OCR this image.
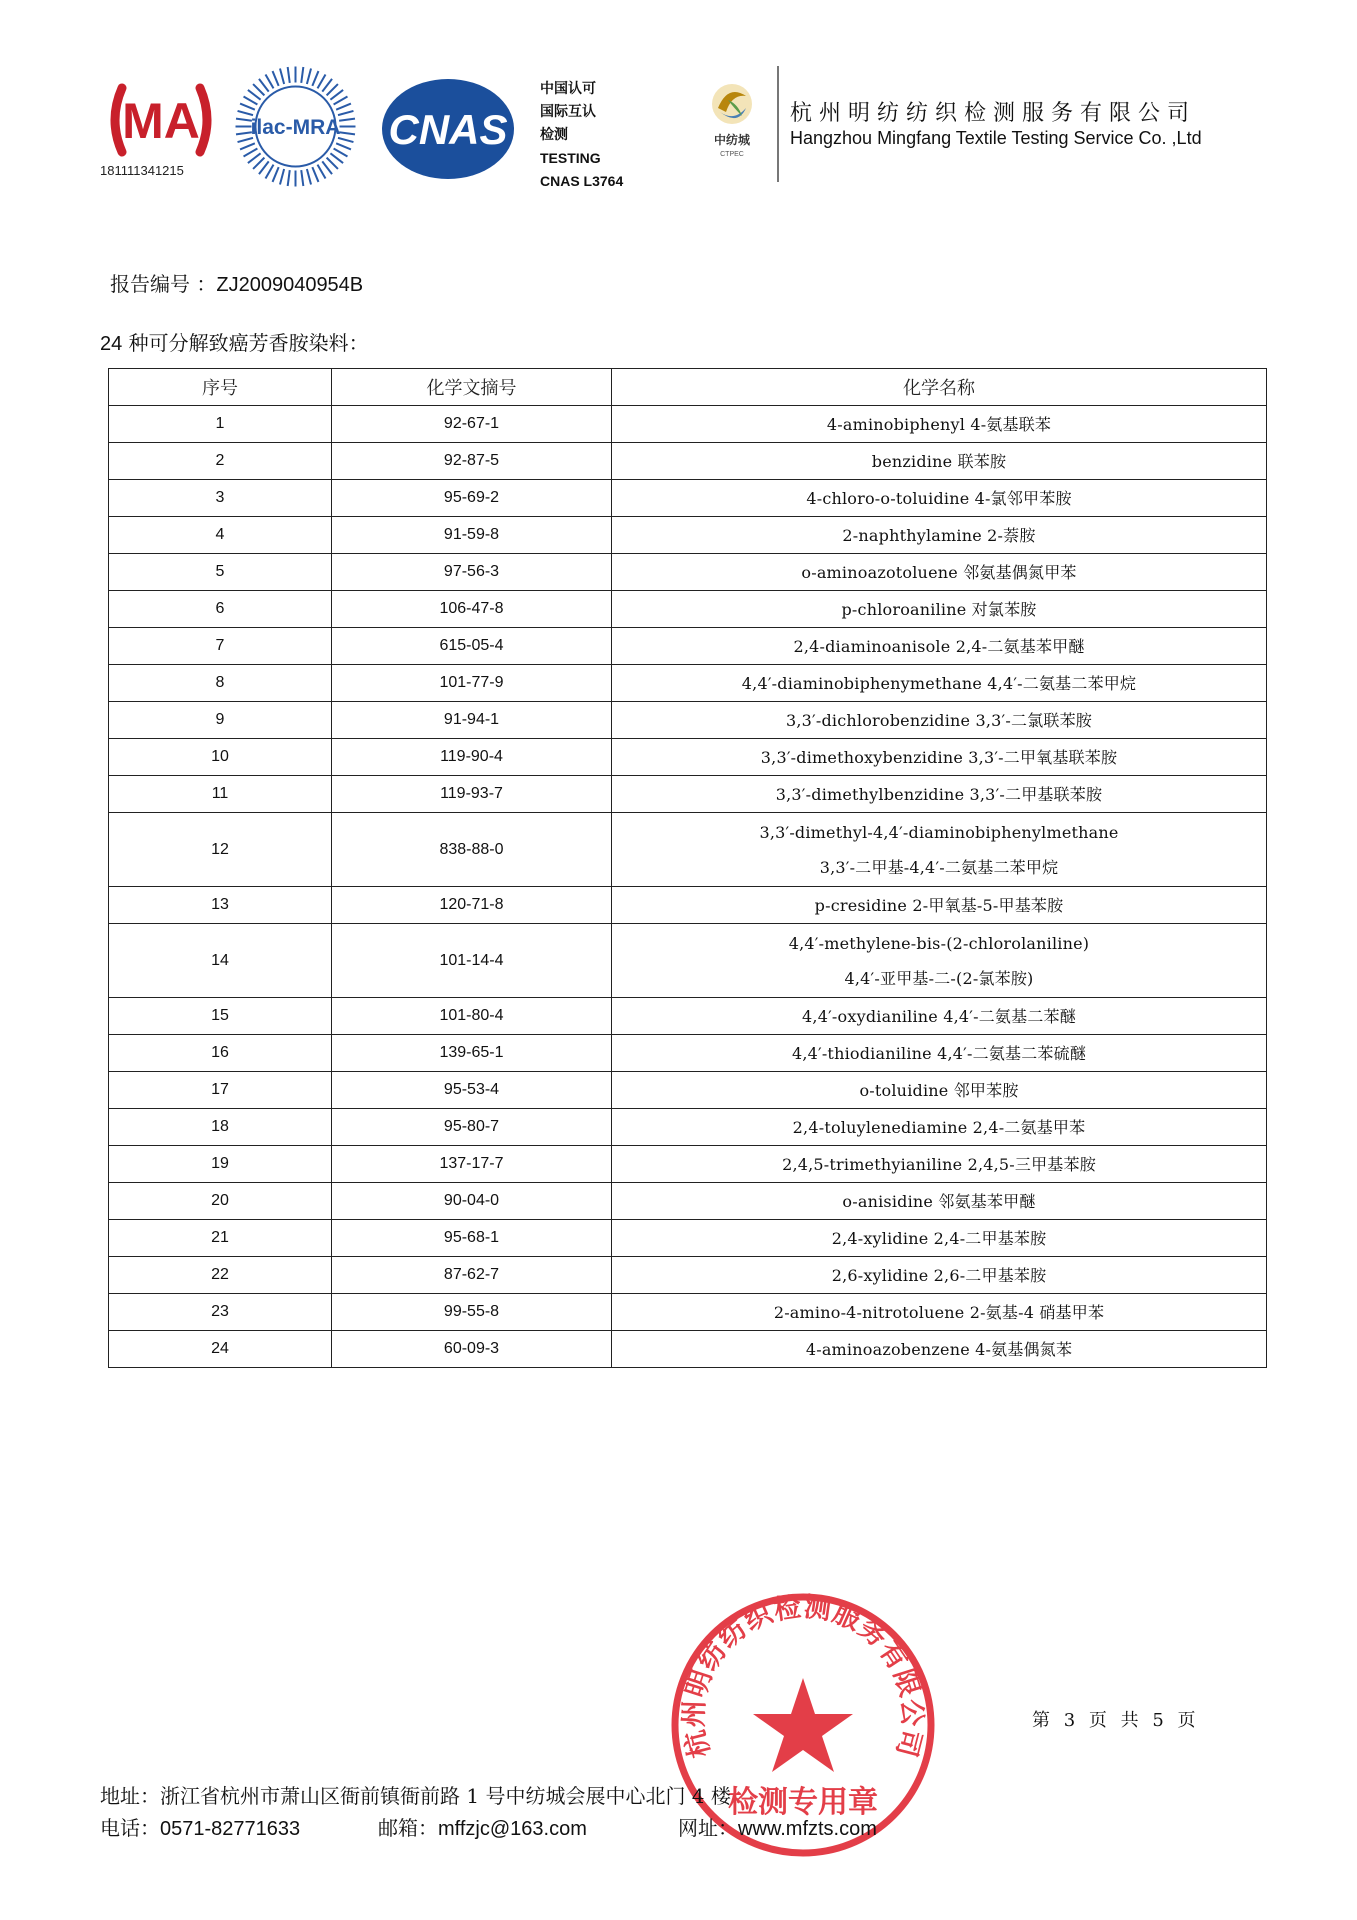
MA
181111341215
ilac-MRA CNAS
中国认可
国际互认
检测
TESTING
CNAS L3764
中纺城
CTPEC
杭州明纺纺织检测服务有限公司
Hangzhou Mingfang Textile Testing Service Co. ,Ltd
报告编号 ：ZJ2009040954B
24 种可分解致癌芳香胺染料：
序号	化学文摘号	化学名称
1	92-67-1	4-aminobiphenyl 4-氨基联苯

2	92-87-5	benzidine 联苯胺

3	95-69-2	4-chloro-o-toluidine 4-氯邻甲苯胺

4	91-59-8	2-naphthylamine 2-萘胺

5	97-56-3	o-aminoazotoluene 邻氨基偶氮甲苯

6	106-47-8	p-chloroaniline 对氯苯胺

7	615-05-4	2,4-diaminoanisole 2,4-二氨基苯甲醚

8	101-77-9	4,4′-diaminobiphenymethane 4,4′-二氨基二苯甲烷

9	91-94-1	3,3′-dichlorobenzidine 3,3′-二氯联苯胺

10	119-90-4	3,3′-dimethoxybenzidine 3,3′-二甲氧基联苯胺

11	119-93-7	3,3′-dimethylbenzidine 3,3′-二甲基联苯胺

12	838-88-0	3,3′-dimethyl-4,4′-diaminobiphenylmethane
3,3′-二甲基-4,4′-二氨基二苯甲烷

13	120-71-8	p-cresidine 2-甲氧基-5-甲基苯胺

14	101-14-4	4,4′-methylene-bis-(2-chlorolaniline)
4,4′-亚甲基-二-(2-氯苯胺)

15	101-80-4	4,4′-oxydianiline 4,4′-二氨基二苯醚

16	139-65-1	4,4′-thiodianiline 4,4′-二氨基二苯硫醚

17	95-53-4	o-toluidine 邻甲苯胺

18	95-80-7	2,4-toluylenediamine 2,4-二氨基甲苯

19	137-17-7	2,4,5-trimethyianiline 2,4,5-三甲基苯胺

20	90-04-0	o-anisidine 邻氨基苯甲醚

21	95-68-1	2,4-xylidine 2,4-二甲基苯胺

22	87-62-7	2,6-xylidine 2,6-二甲基苯胺

23	99-55-8	2-amino-4-nitrotoluene 2-氨基-4 硝基甲苯

24	60-09-3	4-aminoazobenzene 4-氨基偶氮苯
杭州明纺纺织检测服务有限公司
检测专用章
第 3 页 共 5 页
地址：浙江省杭州市萧山区衙前镇衙前路 1 号中纺城会展中心北门 4 楼
电话：0571-82771633	邮箱：mffzjc@163.com	网址：www.mfzts.com
